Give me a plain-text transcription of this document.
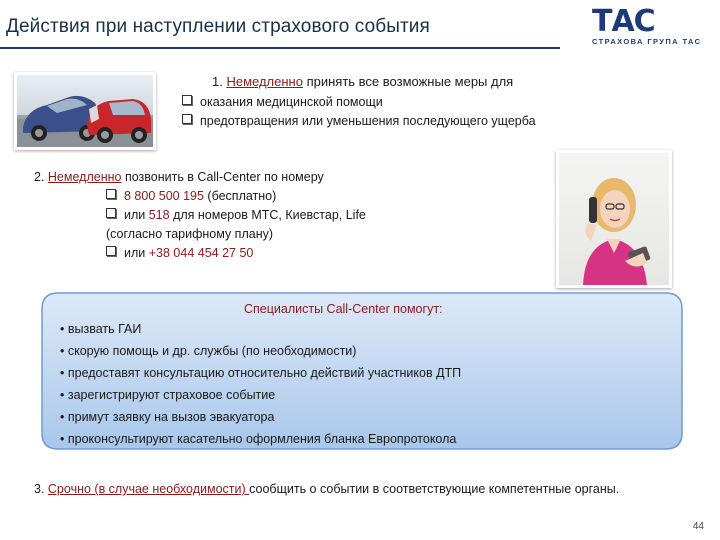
Действия при наступлении страхового события	ТАС
СТРАХОВА ГРУПА ТАС
1. Немедленно принять все возможные меры для
оказания медицинской помощи
предотвращения или уменьшения последующего ущерба
2. Немедленно позвонить в Call-Center по номеру
8 800 500 195 (бесплатно)
или 518 для номеров МТС, Киевстар, Life
(согласно тарифному плану)
или +38 044 454 27 50
Специалисты Call-Center помогут:
• вызвать ГАИ
• скорую помощь и др. службы (по необходимости)
• предоставят консультацию относительно действий участников ДТП
• зарегистрируют страховое событие
• примут заявку на вызов эвакуатора
• проконсультируют касательно оформления бланка Европротокола
3. Срочно (в случае необходимости) сообщить о событии в соответствующие компетентные органы.
44
